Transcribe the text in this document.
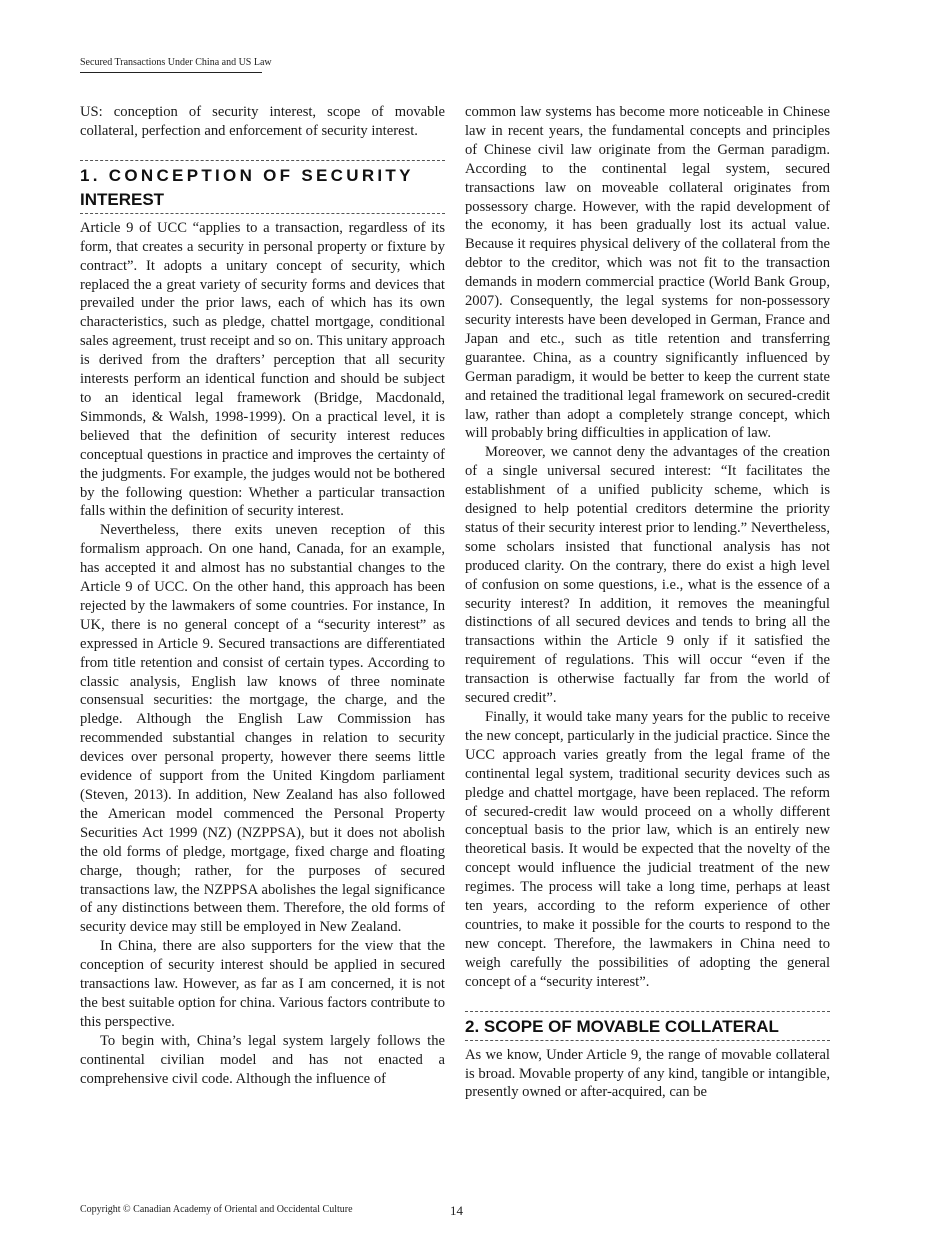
Secured Transactions Under China and US Law

US: conception of security interest, scope of movable collateral, perfection and enforcement of security interest.

1. CONCEPTION OF SECURITY
INTEREST

Article 9 of UCC “applies to a transaction, regardless of its form, that creates a security in personal property or fixture by contract”. It adopts a unitary concept of security, which replaced the a great variety of security forms and devices that prevailed under the prior laws, each of which has its own characteristics, such as pledge, chattel mortgage, conditional sales agreement, trust receipt and so on. This unitary approach is derived from the drafters’ perception that all security interests perform an identical function and should be subject to an identical legal framework (Bridge, Macdonald, Simmonds, & Walsh, 1998-1999). On a practical level, it is believed that the definition of security interest reduces conceptual questions in practice and improves the certainty of the judgments. For example, the judges would not be bothered by the following question: Whether a particular transaction falls within the definition of security interest.

Nevertheless, there exits uneven reception of this formalism approach. On one hand, Canada, for an example, has accepted it and almost has no substantial changes to the Article 9 of UCC. On the other hand, this approach has been rejected by the lawmakers of some countries. For instance, In UK, there is no general concept of a “security interest” as expressed in Article 9. Secured transactions are differentiated from title retention and consist of certain types. According to classic analysis, English law knows of three nominate consensual securities: the mortgage, the charge, and the pledge. Although the English Law Commission has recommended substantial changes in relation to security devices over personal property, however there seems little evidence of support from the United Kingdom parliament (Steven, 2013). In addition, New Zealand has also followed the American model commenced the Personal Property Securities Act 1999 (NZ) (NZPPSA), but it does not abolish the old forms of pledge, mortgage, fixed charge and floating charge, though; rather, for the purposes of secured transactions law, the NZPPSA abolishes the legal significance of any distinctions between them. Therefore, the old forms of security device may still be employed in New Zealand.

In China, there are also supporters for the view that the conception of security interest should be applied in secured transactions law. However, as far as I am concerned, it is not the best suitable option for china. Various factors contribute to this perspective.

To begin with, China’s legal system largely follows the continental civilian model and has not enacted a comprehensive civil code. Although the influence of

common law systems has become more noticeable in Chinese law in recent years, the fundamental concepts and principles of Chinese civil law originate from the German paradigm. According to the continental legal system, secured transactions law on moveable collateral originates from possessory charge. However, with the rapid development of the economy, it has been gradually lost its actual value. Because it requires physical delivery of the collateral from the debtor to the creditor, which was not fit to the transaction demands in modern commercial practice (World Bank Group, 2007). Consequently, the legal systems for non-possessory security interests have been developed in German, France and Japan and etc., such as title retention and transferring guarantee. China, as a country significantly influenced by German paradigm, it would be better to keep the current state and retained the traditional legal framework on secured-credit law, rather than adopt a completely strange concept, which will probably bring difficulties in application of law.

Moreover, we cannot deny the advantages of the creation of a single universal secured interest: “It facilitates the establishment of a unified publicity scheme, which is designed to help potential creditors determine the priority status of their security interest prior to lending.” Nevertheless, some scholars insisted that functional analysis has not produced clarity. On the contrary, there do exist a high level of confusion on some questions, i.e., what is the essence of a security interest? In addition, it removes the meaningful distinctions of all secured devices and tends to bring all the transactions within the Article 9 only if it satisfied the requirement of regulations. This will occur “even if the transaction is otherwise factually far from the world of secured credit”.

Finally, it would take many years for the public to receive the new concept, particularly in the judicial practice. Since the UCC approach varies greatly from the legal frame of the continental legal system, traditional security devices such as pledge and chattel mortgage, have been replaced. The reform of secured-credit law would proceed on a wholly different conceptual basis to the prior law, which is an entirely new theoretical basis. It would be expected that the novelty of the concept would influence the judicial treatment of the new regimes. The process will take a long time, perhaps at least ten years, according to the reform experience of other countries, to make it possible for the courts to respond to the new concept. Therefore, the lawmakers in China need to weigh carefully the possibilities of adopting the general concept of a “security interest”.

2. SCOPE OF MOVABLE COLLATERAL

As we know, Under Article 9, the range of movable collateral is broad. Movable property of any kind, tangible or intangible, presently owned or after-acquired, can be

Copyright © Canadian Academy of Oriental and Occidental Culture	14
